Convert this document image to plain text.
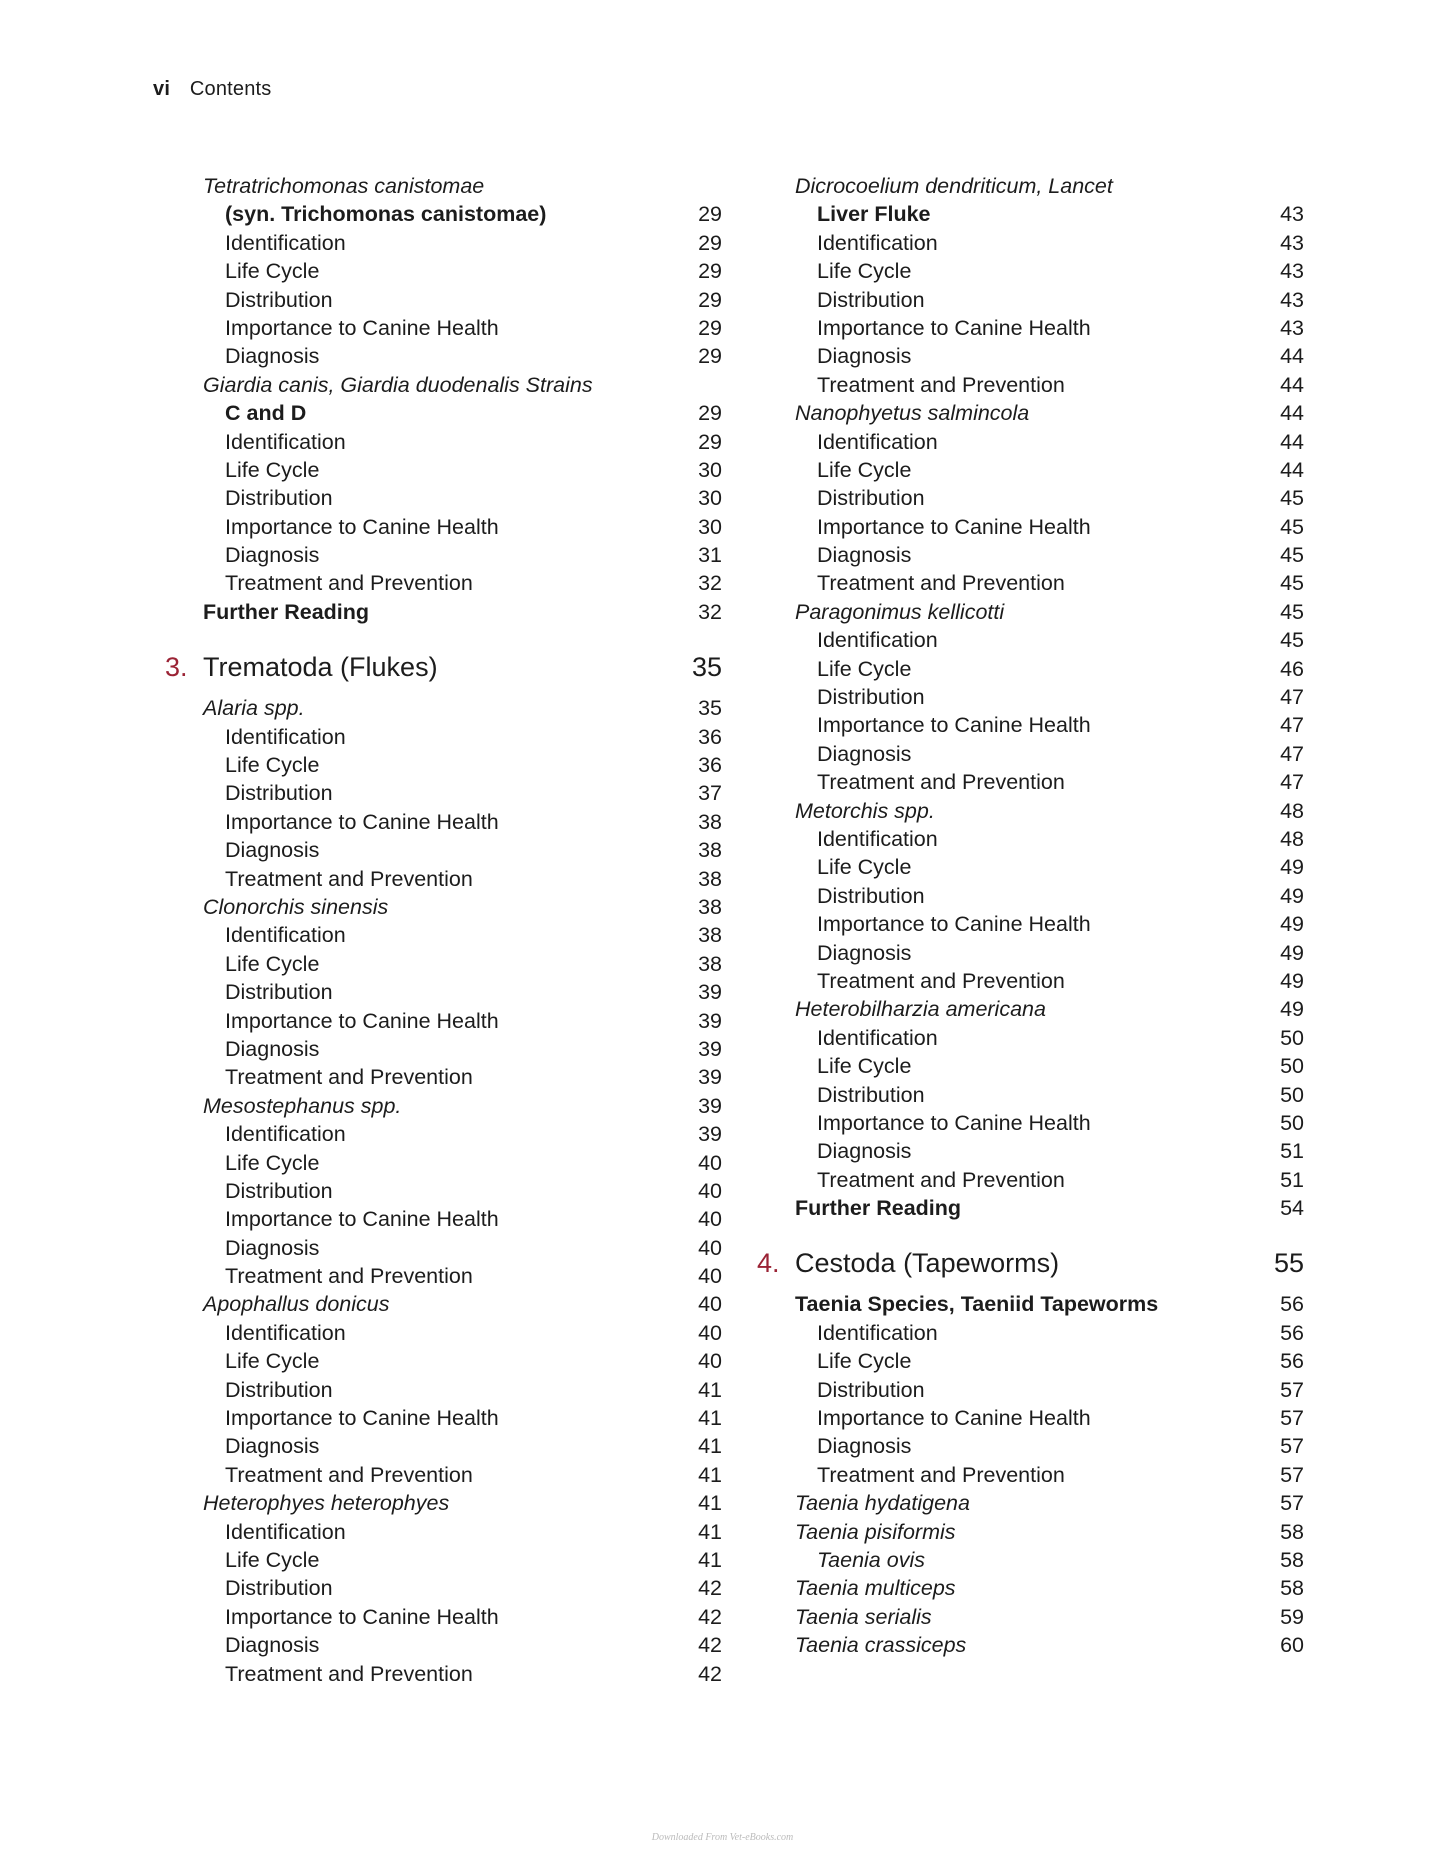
vi Contents
Tetratrichomonas canistomae
(syn. Trichomonas canistomae)	29
Identification	29
Life Cycle	29
Distribution	29
Importance to Canine Health	29
Diagnosis	29
Giardia canis, Giardia duodenalis Strains
C and D	29
Identification	29
Life Cycle	30
Distribution	30
Importance to Canine Health	30
Diagnosis	31
Treatment and Prevention	32
Further Reading	32
3. Trematoda (Flukes)	35
Alaria spp.	35
Identification	36
Life Cycle	36
Distribution	37
Importance to Canine Health	38
Diagnosis	38
Treatment and Prevention	38
Clonorchis sinensis	38
Identification	38
Life Cycle	38
Distribution	39
Importance to Canine Health	39
Diagnosis	39
Treatment and Prevention	39
Mesostephanus spp.	39
Identification	39
Life Cycle	40
Distribution	40
Importance to Canine Health	40
Diagnosis	40
Treatment and Prevention	40
Apophallus donicus	40
Identification	40
Life Cycle	40
Distribution	41
Importance to Canine Health	41
Diagnosis	41
Treatment and Prevention	41
Heterophyes heterophyes	41
Identification	41
Life Cycle	41
Distribution	42
Importance to Canine Health	42
Diagnosis	42
Treatment and Prevention	42
Dicrocoelium dendriticum, Lancet
Liver Fluke	43
Identification	43
Life Cycle	43
Distribution	43
Importance to Canine Health	43
Diagnosis	44
Treatment and Prevention	44
Nanophyetus salmincola	44
Identification	44
Life Cycle	44
Distribution	45
Importance to Canine Health	45
Diagnosis	45
Treatment and Prevention	45
Paragonimus kellicotti	45
Identification	45
Life Cycle	46
Distribution	47
Importance to Canine Health	47
Diagnosis	47
Treatment and Prevention	47
Metorchis spp.	48
Identification	48
Life Cycle	49
Distribution	49
Importance to Canine Health	49
Diagnosis	49
Treatment and Prevention	49
Heterobilharzia americana	49
Identification	50
Life Cycle	50
Distribution	50
Importance to Canine Health	50
Diagnosis	51
Treatment and Prevention	51
Further Reading	54
4. Cestoda (Tapeworms)	55
Taenia Species, Taeniid Tapeworms	56
Identification	56
Life Cycle	56
Distribution	57
Importance to Canine Health	57
Diagnosis	57
Treatment and Prevention	57
Taenia hydatigena	57
Taenia pisiformis	58
Taenia ovis	58
Taenia multiceps	58
Taenia serialis	59
Taenia crassiceps	60
Downloaded From Vet-eBooks.com
